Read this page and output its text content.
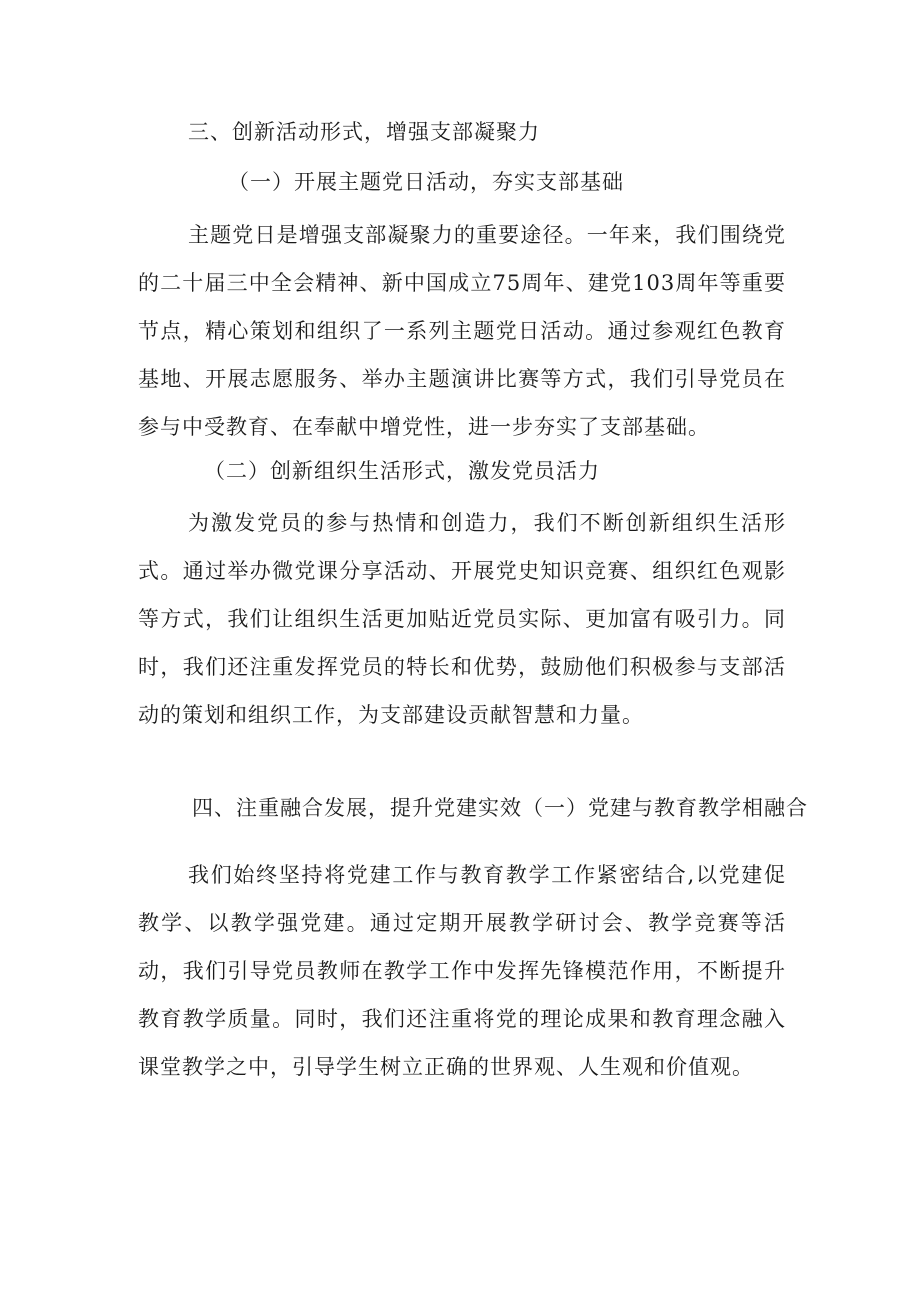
三、创新活动形式，增强支部凝聚力
（一）开展主题党日活动，夯实支部基础

主题党日是增强支部凝聚力的重要途径。一年来，我们围绕党的二十届三中全会精神、新中国成立75周年、建党103周年等重要节点，精心策划和组织了一系列主题党日活动。通过参观红色教育基地、开展志愿服务、举办主题演讲比赛等方式，我们引导党员在参与中受教育、在奉献中增党性，进一步夯实了支部基础。

（二）创新组织生活形式，激发党员活力

为激发党员的参与热情和创造力，我们不断创新组织生活形式。通过举办微党课分享活动、开展党史知识竞赛、组织红色观影等方式，我们让组织生活更加贴近党员实际、更加富有吸引力。同时，我们还注重发挥党员的特长和优势，鼓励他们积极参与支部活动的策划和组织工作，为支部建设贡献智慧和力量。

四、注重融合发展，提升党建实效（一）党建与教育教学相融合

我们始终坚持将党建工作与教育教学工作紧密结合,以党建促教学、以教学强党建。通过定期开展教学研讨会、教学竞赛等活动，我们引导党员教师在教学工作中发挥先锋模范作用，不断提升教育教学质量。同时，我们还注重将党的理论成果和教育理念融入课堂教学之中，引导学生树立正确的世界观、人生观和价值观。
